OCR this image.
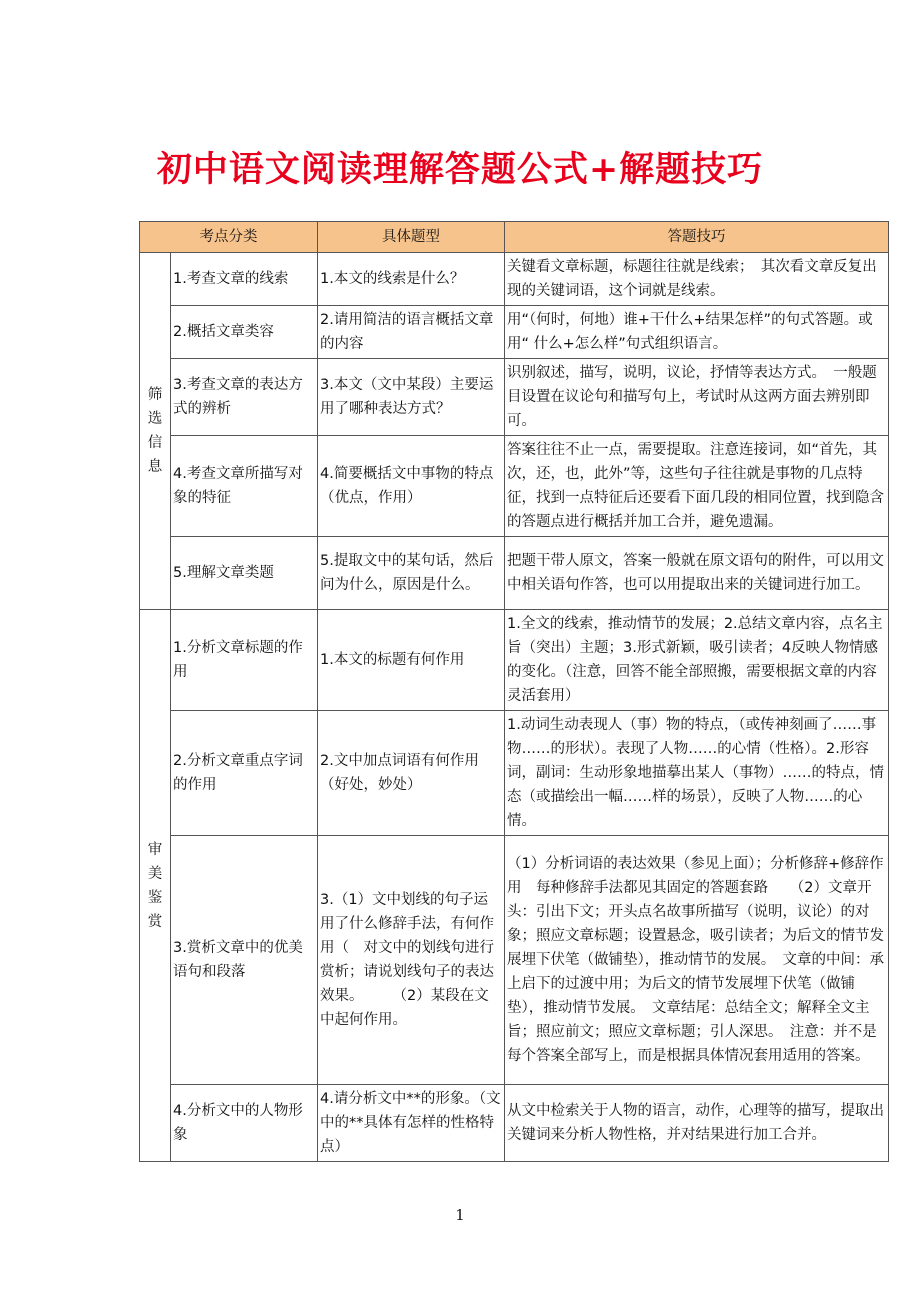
初中语文阅读理解答题公式+解题技巧
考点分类		具体题型	答题技巧
筛选信息	1.考查文章的线索	1.本文的线索是什么？	关键看文章标题，标题往往就是线索；　其次看文章反复出现的关键词语，这个词就是线索。
	2.概括文章类容	2.请用简洁的语言概括文章的内容	用“（何时，何地）谁+干什么+结果怎样”的句式答题。或用“ 什么+怎么样”句式组织语言。
	3.考查文章的表达方式的辨析	3.本文（文中某段）主要运用了哪种表达方式？	识别叙述，描写，说明，议论，抒情等表达方式。　一般题目设置在议论句和描写句上，考试时从这两方面去辨别即可。
	4.考查文章所描写对象的特征	4.简要概括文中事物的特点（优点，作用）	答案往往不止一点，需要提取。注意连接词，如“首先，其次，还，也，此外”等，这些句子往往就是事物的几点特征，找到一点特征后还要看下面几段的相同位置，找到隐含的答题点进行概括并加工合并，避免遗漏。
	5.理解文章类题	5.提取文中的某句话，然后问为什么，原因是什么。	把题干带人原文，答案一般就在原文语句的附件，可以用文中相关语句作答，也可以用提取出来的关键词进行加工。
审美鉴赏	1.分析文章标题的作用	1.本文的标题有何作用	1.全文的线索，推动情节的发展；2.总结文章内容，点名主旨（突出）主题；3.形式新颖，吸引读者；4反映人物情感的变化。（注意，回答不能全部照搬，需要根据文章的内容灵活套用）
	2.分析文章重点字词的作用	2.文中加点词语有何作用（好处，妙处）	1.动词生动表现人（事）物的特点，（或传神刻画了……事物……的形状）。表现了人物……的心情（性格）。2.形容词，副词：生动形象地描摹出某人（事物）……的特点，情态（或描绘出一幅……样的场景），反映了人物……的心情。
	3.赏析文章中的优美语句和段落	3.（1）文中划线的句子运用了什么修辞手法，有何作用（　对文中的划线句进行赏析；请说划线句子的表达效果。　　　（2）某段在文中起何作用。	（1）分析词语的表达效果（参见上面）；分析修辞+修辞作用　每种修辞手法都见其固定的答题套路　　（2）文章开头：引出下文；开头点名故事所描写（说明，议论）的对象；照应文章标题；设置悬念，吸引读者；为后文的情节发展埋下伏笔（做铺垫），推动情节的发展。　文章的中间：承上启下的过渡中用；为后文的情节发展埋下伏笔（做铺垫），推动情节发展。　文章结尾：总结全文；解释全文主旨；照应前文；照应文章标题；引人深思。　注意：并不是每个答案全部写上，而是根据具体情况套用适用的答案。
	4.分析文中的人物形象	4.请分析文中**的形象。（文中的**具体有怎样的性格特点）	从文中检索关于人物的语言，动作，心理等的描写，提取出关键词来分析人物性格，并对结果进行加工合并。
1
